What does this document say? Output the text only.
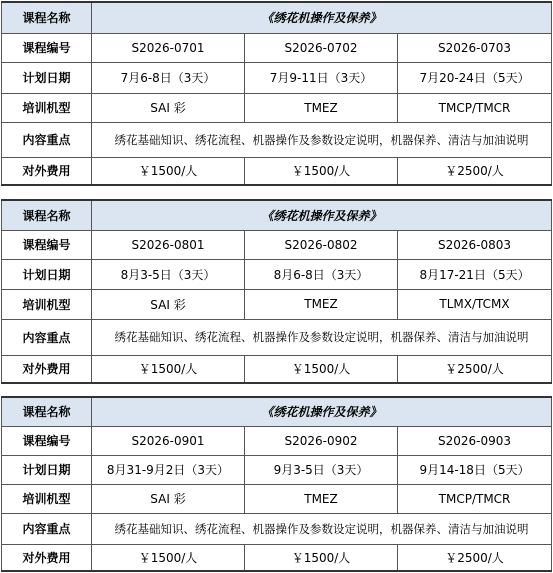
课程名称	《绣花机操作及保养》		
课程编号	S2026-0701	S2026-0702	S2026-0703
计划日期	7月6-8日（3天）	7月9-11日（3天）	7月20-24日（5天）
培训机型	SAI 彩	TMEZ	TMCP/TMCR
内容重点	绣花基础知识、绣花流程、机器操作及参数设定说明，机器保养、清洁与加油说明		
对外费用	￥1500/人	￥1500/人	￥2500/人
课程名称	《绣花机操作及保养》		
课程编号	S2026-0801	S2026-0802	S2026-0803
计划日期	8月3-5日（3天）	8月6-8日（3天）	8月17-21日（5天）
培训机型	SAI 彩	TMEZ	TLMX/TCMX
内容重点	绣花基础知识、绣花流程、机器操作及参数设定说明，机器保养、清洁与加油说明		
对外费用	￥1500/人	￥1500/人	￥2500/人
课程名称	《绣花机操作及保养》		
课程编号	S2026-0901	S2026-0902	S2026-0903
计划日期	8月31-9月2日（3天）	9月3-5日（3天）	9月14-18日（5天）
培训机型	SAI 彩	TMEZ	TMCP/TMCR
内容重点	绣花基础知识、绣花流程、机器操作及参数设定说明，机器保养、清洁与加油说明		
对外费用	￥1500/人	￥1500/人	￥2500/人
